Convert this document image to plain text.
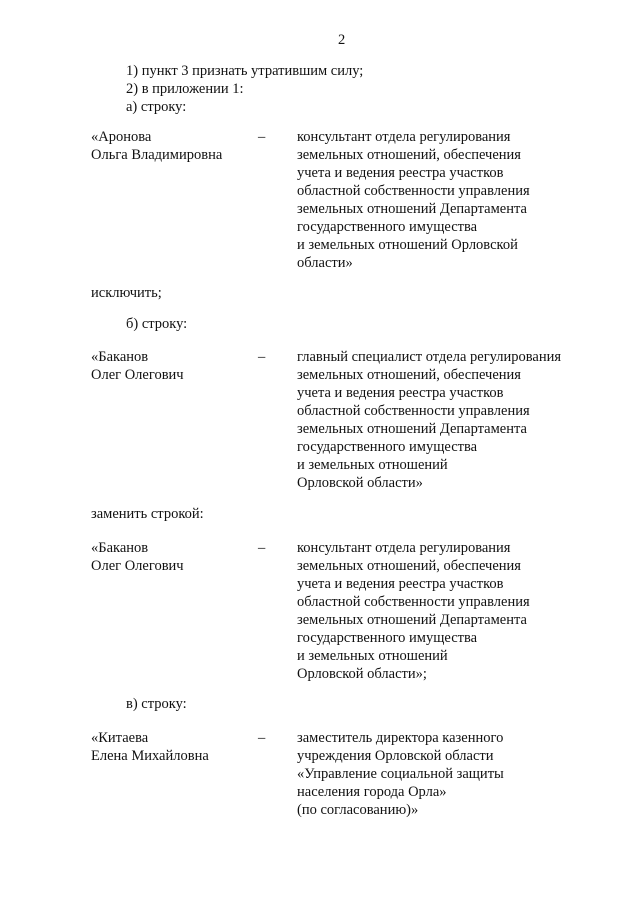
2
1) пункт 3 признать утратившим силу;
2) в приложении 1:
а) строку:
«Аронова
Ольга Владимировна
– консультант отдела регулирования
земельных отношений, обеспечения
учета и ведения реестра участков
областной собственности управления
земельных отношений Департамента
государственного имущества
и земельных отношений Орловской
области»
исключить;
б) строку:
«Баканов
Олег Олегович
– главный специалист отдела регулирования
земельных отношений, обеспечения
учета и ведения реестра участков
областной собственности управления
земельных отношений Департамента
государственного имущества
и земельных отношений
Орловской области»
заменить строкой:
«Баканов
Олег Олегович
– консультант отдела регулирования
земельных отношений, обеспечения
учета и ведения реестра участков
областной собственности управления
земельных отношений Департамента
государственного имущества
и земельных отношений
Орловской области»;
в) строку:
«Китаева
Елена Михайловна
– заместитель директора казенного
учреждения Орловской области
«Управление социальной защиты
населения города Орла»
(по согласованию)»
